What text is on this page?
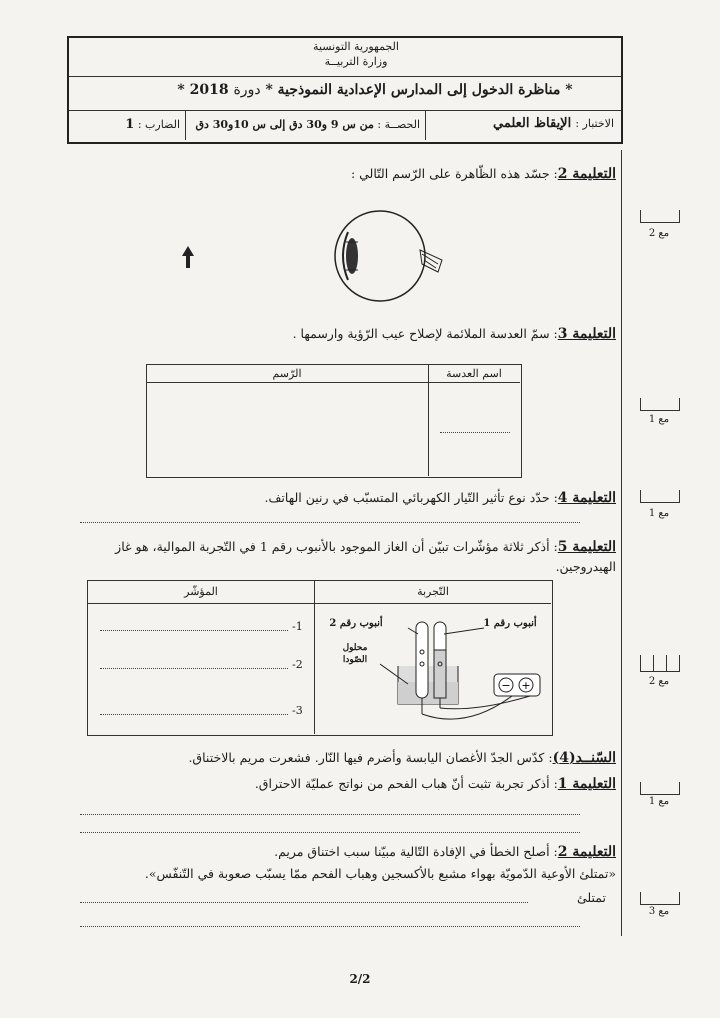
الجمهورية التونسية
وزارة التربيــة
* مناظرة الدخول إلى المدارس الإعدادية النموذجية * دورة 2018 *
الاختبار : الإيقاظ العلمي
الحصــة : من س 9 و30 دق إلى س 10و30 دق
الضارب : 1
التعليمة 2: جسّد هذه الظّاهرة على الرّسم التّالي :
التعليمة 3: سمّ العدسة الملائمة لإصلاح عيب الرّؤية وارسمها .
اسم العدسة
الرّسم
التعليمة 4: حدّد نوع تأثير التّيار الكهربائي المتسبّب في رنين الهاتف.
التعليمة 5: أذكر ثلاثة مؤشّرات تبيّن أن الغاز الموجود بالأنبوب رقم 1 في التّجربة الموالية، هو غاز الهيدروجين.
التّجربة
المؤشّر
-1
-2
-3
− +
أنبوب رقم 2	أنبوب رقم 1
محلول الصّودا
السّنــد(4): كدّس الجدّ الأغصان اليابسة وأضرم فيها النّار. فشعرت مريم بالاختناق.
التعليمة 1: أذكر تجربة تثبت أنّ هباب الفحم من نواتج عمليّة الاحتراق.
التعليمة 2: أصلح الخطأ في الإفادة التّالية مبيّنا سبب اختناق مريم.
«تمتلئ الأوعية الدّمويّة بهواء مشبع بالأكسجين وهباب الفحم ممّا يسبّب صعوبة في التّنفّس».
تمتلئ
مع 2
مع 1
مع 1
مع 2
مع 1
مع 3
2/2
